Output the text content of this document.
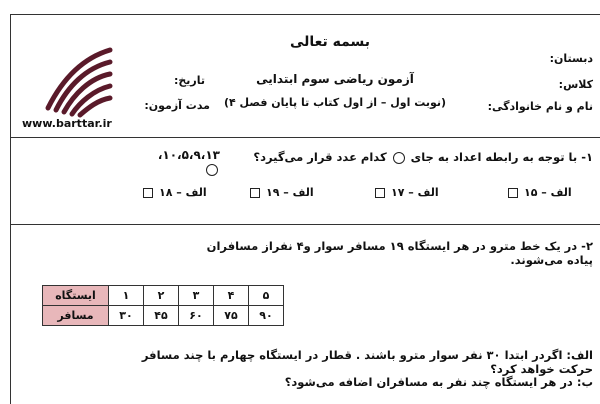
www.barttar.ir
بسمه تعالی
آزمون ریاضی سوم ابتدایی
(نوبت اول – از اول کتاب تا پایان فصل ۴)
تاریخ:
مدت آزمون:
دبستان:
کلاس:
نام و نام خانوادگی:
۱- با توجه به رابطه اعداد به جای  کدام عدد قرار می‌گیرد؟
۱۰،۵،۹،۱۳،
الف – ۱۵
الف – ۱۷
الف – ۱۹
الف – ۱۸
۲- در یک خط مترو در هر ایستگاه ۱۹ مسافر سوار و۴ نفراز مسافران پیاده می‌شوند.
ایستگاه	۱	۲	۳	۴	۵
مسافر	۳۰	۴۵	۶۰	۷۵	۹۰
الف: اگردر ابتدا ۳۰ نفر سوار مترو باشند . قطار در ایستگاه چهارم با چند مسافر حرکت خواهد کرد؟
ب: در هر ایستگاه چند نفر به مسافران اضافه می‌شود؟
